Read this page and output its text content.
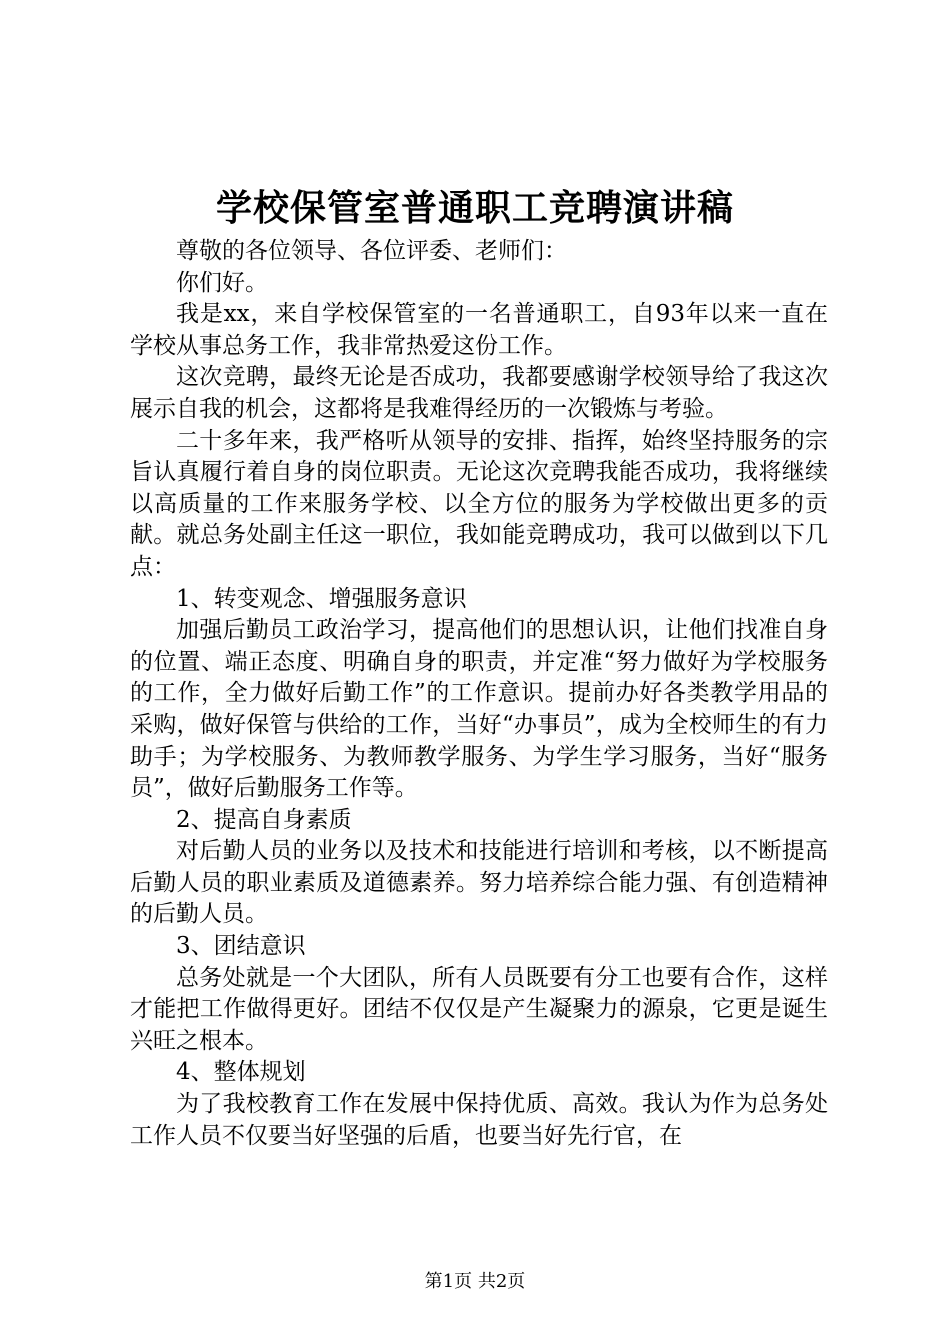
学校保管室普通职工竞聘演讲稿

尊敬的各位领导、各位评委、老师们：

你们好。

我是xx，来自学校保管室的一名普通职工，自93年以来一直在学校从事总务工作，我非常热爱这份工作。

这次竞聘，最终无论是否成功，我都要感谢学校领导给了我这次展示自我的机会，这都将是我难得经历的一次锻炼与考验。

二十多年来，我严格听从领导的安排、指挥，始终坚持服务的宗旨认真履行着自身的岗位职责。无论这次竞聘我能否成功，我将继续以高质量的工作来服务学校、以全方位的服务为学校做出更多的贡献。就总务处副主任这一职位，我如能竞聘成功，我可以做到以下几点：

1、转变观念、增强服务意识

加强后勤员工政治学习，提高他们的思想认识，让他们找准自身的位置、端正态度、明确自身的职责，并定准“努力做好为学校服务的工作，全力做好后勤工作”的工作意识。提前办好各类教学用品的采购，做好保管与供给的工作，当好“办事员”，成为全校师生的有力助手；为学校服务、为教师教学服务、为学生学习服务，当好“服务员”，做好后勤服务工作等。

2、提高自身素质

对后勤人员的业务以及技术和技能进行培训和考核，以不断提高后勤人员的职业素质及道德素养。努力培养综合能力强、有创造精神的后勤人员。

3、团结意识

总务处就是一个大团队，所有人员既要有分工也要有合作，这样才能把工作做得更好。团结不仅仅是产生凝聚力的源泉，它更是诞生兴旺之根本。

4、整体规划

为了我校教育工作在发展中保持优质、高效。我认为作为总务处工作人员不仅要当好坚强的后盾，也要当好先行官，在

第1页 共2页
